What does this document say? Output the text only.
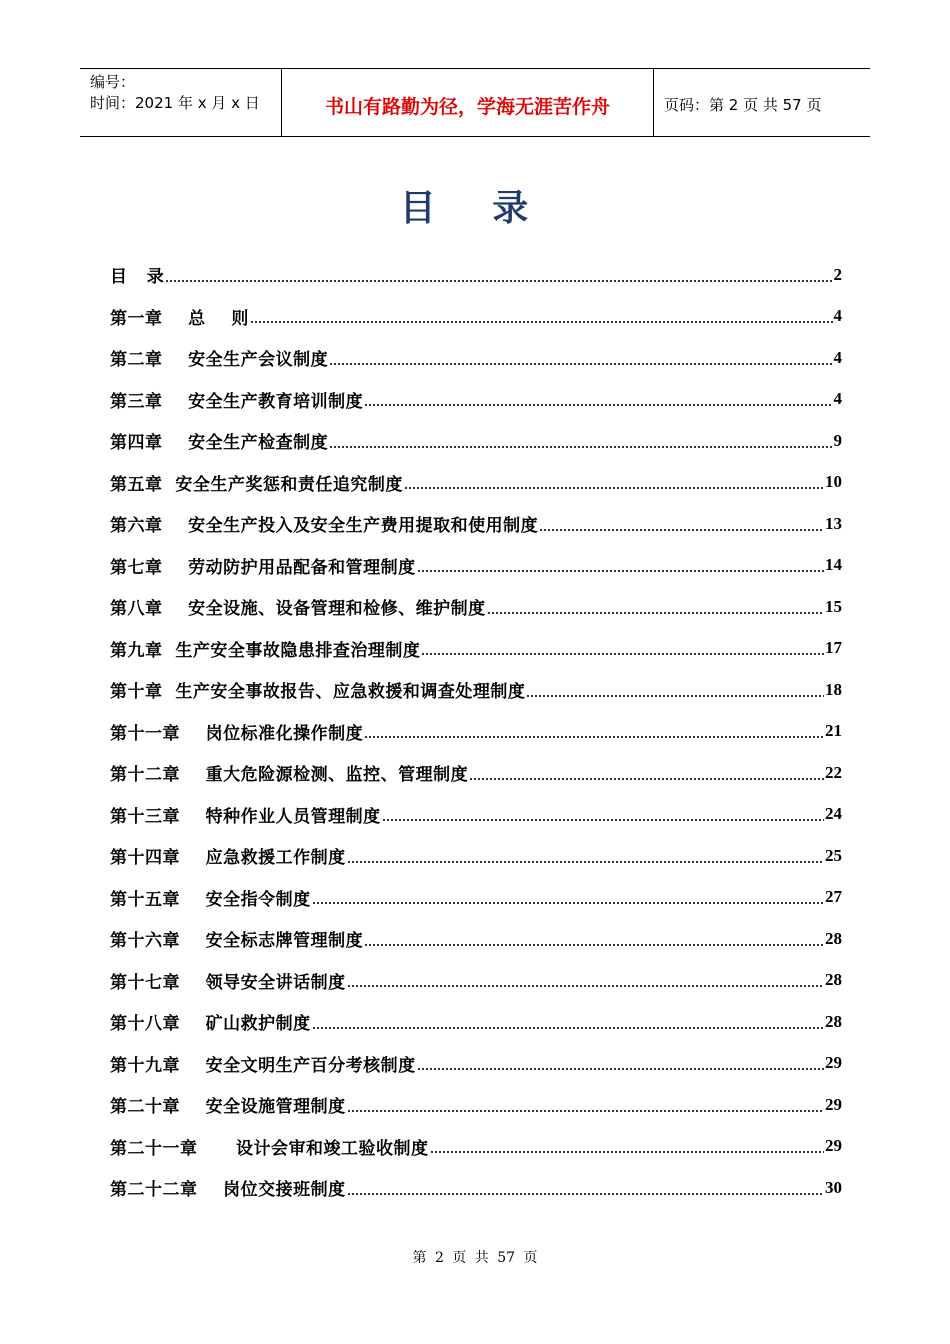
编号：
时间：2021 年 x 月 x 日	书山有路勤为径，学海无涯苦作舟	页码：第 2 页 共 57 页
目 录
目   录	2
第一章    总    则	4
第二章    安全生产会议制度	4
第三章    安全生产教育培训制度	4
第四章    安全生产检查制度	9
第五章  安全生产奖惩和责任追究制度	10
第六章    安全生产投入及安全生产费用提取和使用制度	13
第七章    劳动防护用品配备和管理制度	14
第八章    安全设施、设备管理和检修、维护制度	15
第九章  生产安全事故隐患排查治理制度	17
第十章  生产安全事故报告、应急救援和调查处理制度	18
第十一章    岗位标准化操作制度	21
第十二章    重大危险源检测、监控、管理制度	22
第十三章    特种作业人员管理制度	24
第十四章    应急救援工作制度	25
第十五章    安全指令制度	27
第十六章    安全标志牌管理制度	28
第十七章    领导安全讲话制度	28
第十八章    矿山救护制度	28
第十九章    安全文明生产百分考核制度	29
第二十章    安全设施管理制度	29
第二十一章      设计会审和竣工验收制度	29
第二十二章    岗位交接班制度	30
第 2 页 共 57 页
